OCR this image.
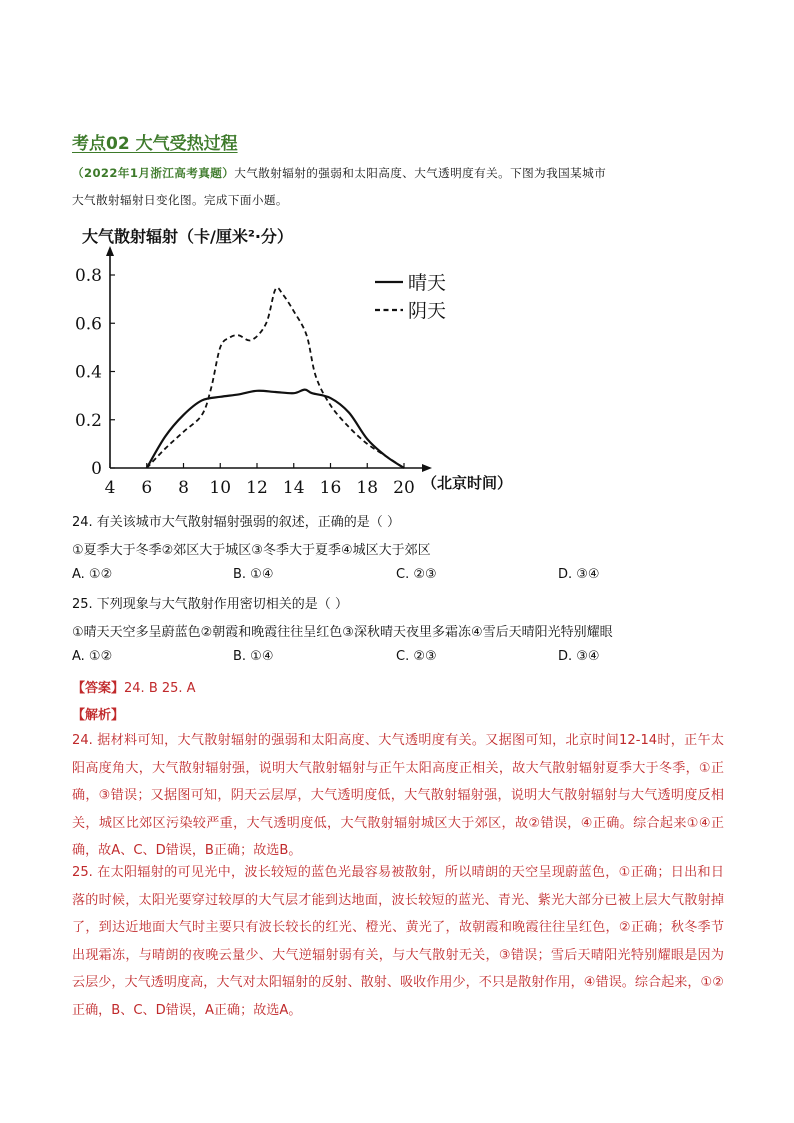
考点02 大气受热过程
（2022年1月浙江高考真题）大气散射辐射的强弱和太阳高度、大气透明度有关。下图为我国某城市
大气散射辐射日变化图。完成下面小题。
大气散射辐射（卡/厘米²·分）
4 6 8 10 12 14 16 18 20
0
0.2
0.4
0.6
0.8	晴天
阴天
（北京时间）

24. 有关该城市大气散射辐射强弱的叙述，正确的是（ ）

①夏季大于冬季②郊区大于城区③冬季大于夏季④城区大于郊区

A. ①②	B. ①④	C. ②③	D. ③④

25. 下列现象与大气散射作用密切相关的是（ ）

①晴天天空多呈蔚蓝色②朝霞和晚霞往往呈红色③深秋晴天夜里多霜冻④雪后天晴阳光特别耀眼

A. ①②	B. ①④	C. ②③	D. ③④

【答案】24. B 25. A

【解析】

24. 据材料可知，大气散射辐射的强弱和太阳高度、大气透明度有关。又据图可知，北京时间12-14时，正午太阳高度角大，大气散射辐射强，说明大气散射辐射与正午太阳高度正相关，故大气散射辐射夏季大于冬季，①正确，③错误；又据图可知，阴天云层厚，大气透明度低，大气散射辐射强，说明大气散射辐射与大气透明度反相关，城区比郊区污染较严重，大气透明度低，大气散射辐射城区大于郊区，故②错误，④正确。综合起来①④正确，故A、C、D错误，B正确；故选B。

25. 在太阳辐射的可见光中，波长较短的蓝色光最容易被散射，所以晴朗的天空呈现蔚蓝色，①正确；日出和日落的时候，太阳光要穿过较厚的大气层才能到达地面，波长较短的蓝光、青光、紫光大部分已被上层大气散射掉了，到达近地面大气时主要只有波长较长的红光、橙光、黄光了，故朝霞和晚霞往往呈红色，②正确；秋冬季节出现霜冻，与晴朗的夜晚云量少、大气逆辐射弱有关，与大气散射无关，③错误；雪后天晴阳光特别耀眼是因为云层少，大气透明度高，大气对太阳辐射的反射、散射、吸收作用少，不只是散射作用，④错误。综合起来，①②正确，B、C、D错误，A正确；故选A。
